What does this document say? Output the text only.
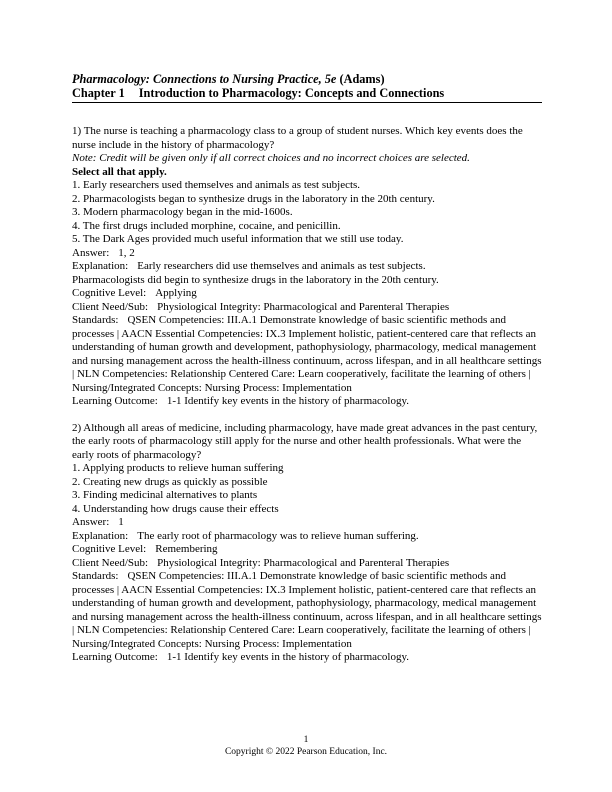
Pharmacology: Connections to Nursing Practice, 5e (Adams)
Chapter 1 Introduction to Pharmacology: Concepts and Connections
1) The nurse is teaching a pharmacology class to a group of student nurses. Which key events does the nurse include in the history of pharmacology?
Note: Credit will be given only if all correct choices and no incorrect choices are selected.
Select all that apply.
1. Early researchers used themselves and animals as test subjects.
2. Pharmacologists began to synthesize drugs in the laboratory in the 20th century.
3. Modern pharmacology began in the mid-1600s.
4. The first drugs included morphine, cocaine, and penicillin.
5. The Dark Ages provided much useful information that we still use today.
Answer: 1, 2
Explanation: Early researchers did use themselves and animals as test subjects.
Pharmacologists did begin to synthesize drugs in the laboratory in the 20th century.
Cognitive Level: Applying
Client Need/Sub: Physiological Integrity: Pharmacological and Parenteral Therapies
Standards: QSEN Competencies: III.A.1 Demonstrate knowledge of basic scientific methods and processes | AACN Essential Competencies: IX.3 Implement holistic, patient-centered care that reflects an understanding of human growth and development, pathophysiology, pharmacology, medical management and nursing management across the health-illness continuum, across lifespan, and in all healthcare settings | NLN Competencies: Relationship Centered Care: Learn cooperatively, facilitate the learning of others | Nursing/Integrated Concepts: Nursing Process: Implementation
Learning Outcome: 1-1 Identify key events in the history of pharmacology.
2) Although all areas of medicine, including pharmacology, have made great advances in the past century, the early roots of pharmacology still apply for the nurse and other health professionals. What were the early roots of pharmacology?
1. Applying products to relieve human suffering
2. Creating new drugs as quickly as possible
3. Finding medicinal alternatives to plants
4. Understanding how drugs cause their effects
Answer: 1
Explanation: The early root of pharmacology was to relieve human suffering.
Cognitive Level: Remembering
Client Need/Sub: Physiological Integrity: Pharmacological and Parenteral Therapies
Standards: QSEN Competencies: III.A.1 Demonstrate knowledge of basic scientific methods and processes | AACN Essential Competencies: IX.3 Implement holistic, patient-centered care that reflects an understanding of human growth and development, pathophysiology, pharmacology, medical management and nursing management across the health-illness continuum, across lifespan, and in all healthcare settings | NLN Competencies: Relationship Centered Care: Learn cooperatively, facilitate the learning of others | Nursing/Integrated Concepts: Nursing Process: Implementation
Learning Outcome: 1-1 Identify key events in the history of pharmacology.
1
Copyright © 2022 Pearson Education, Inc.
